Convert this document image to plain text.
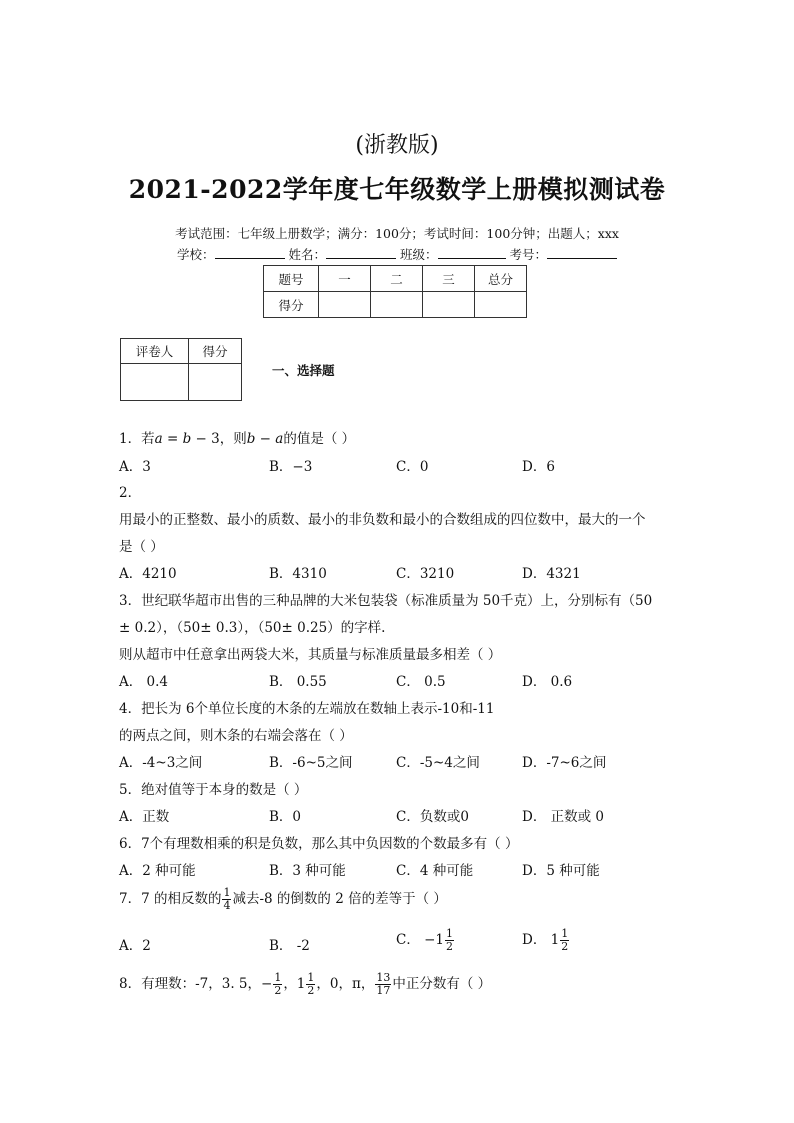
(浙教版)
2021-2022学年度七年级数学上册模拟测试卷
考试范围：七年级上册数学；满分：100分；考试时间：100分钟；出题人；xxx
学校：	姓名：	班级：	考号：
题号	一	二	三	总分
得分				
评卷人	得分

一、选择题
1．若a = b − 3，则b − a的值是（ ）
A．3	B．−3	C．0	D．6
2．
用最小的正整数、最小的质数、最小的非负数和最小的合数组成的四位数中，最大的一个
是（ ）
A．4210	B．4310	C．3210	D．4321
3．世纪联华超市出售的三种品牌的大米包装袋（标准质量为 50千克）上，分别标有（50
± 0.2），（50± 0.3），（50± 0.25）的字样.
则从超市中任意拿出两袋大米，其质量与标准质量最多相差（ ）
A． 0.4	B． 0.55	C． 0.5	D． 0.6
4．把长为 6个单位长度的木条的左端放在数轴上表示-10和-11
的两点之间，则木条的右端会落在（ ）
A．-4~3之间	B．-6~5之间	C．-5~4之间	D．-7~6之间
5．绝对值等于本身的数是（ ）
A．正数	B．0	C．负数或0	D． 正数或 0
6．7个有理数相乘的积是负数，那么其中负因数的个数最多有（ ）
A．2 种可能	B．3 种可能	C．4 种可能	D．5 种可能
7．7 的相反数的 $\frac{1}{4}$ 减去-8 的倒数的 2 倍的差等于（ ）
A．2	B． -2	C． $-1 \frac{1}{2}$	D． $1 \frac{1}{2}$
8．有理数：-7，3. 5，− $\frac{1}{2}$ ，$1 \frac{1}{2}$ ，0，π， $\frac{13}{17}$ 中正分数有（ ）
